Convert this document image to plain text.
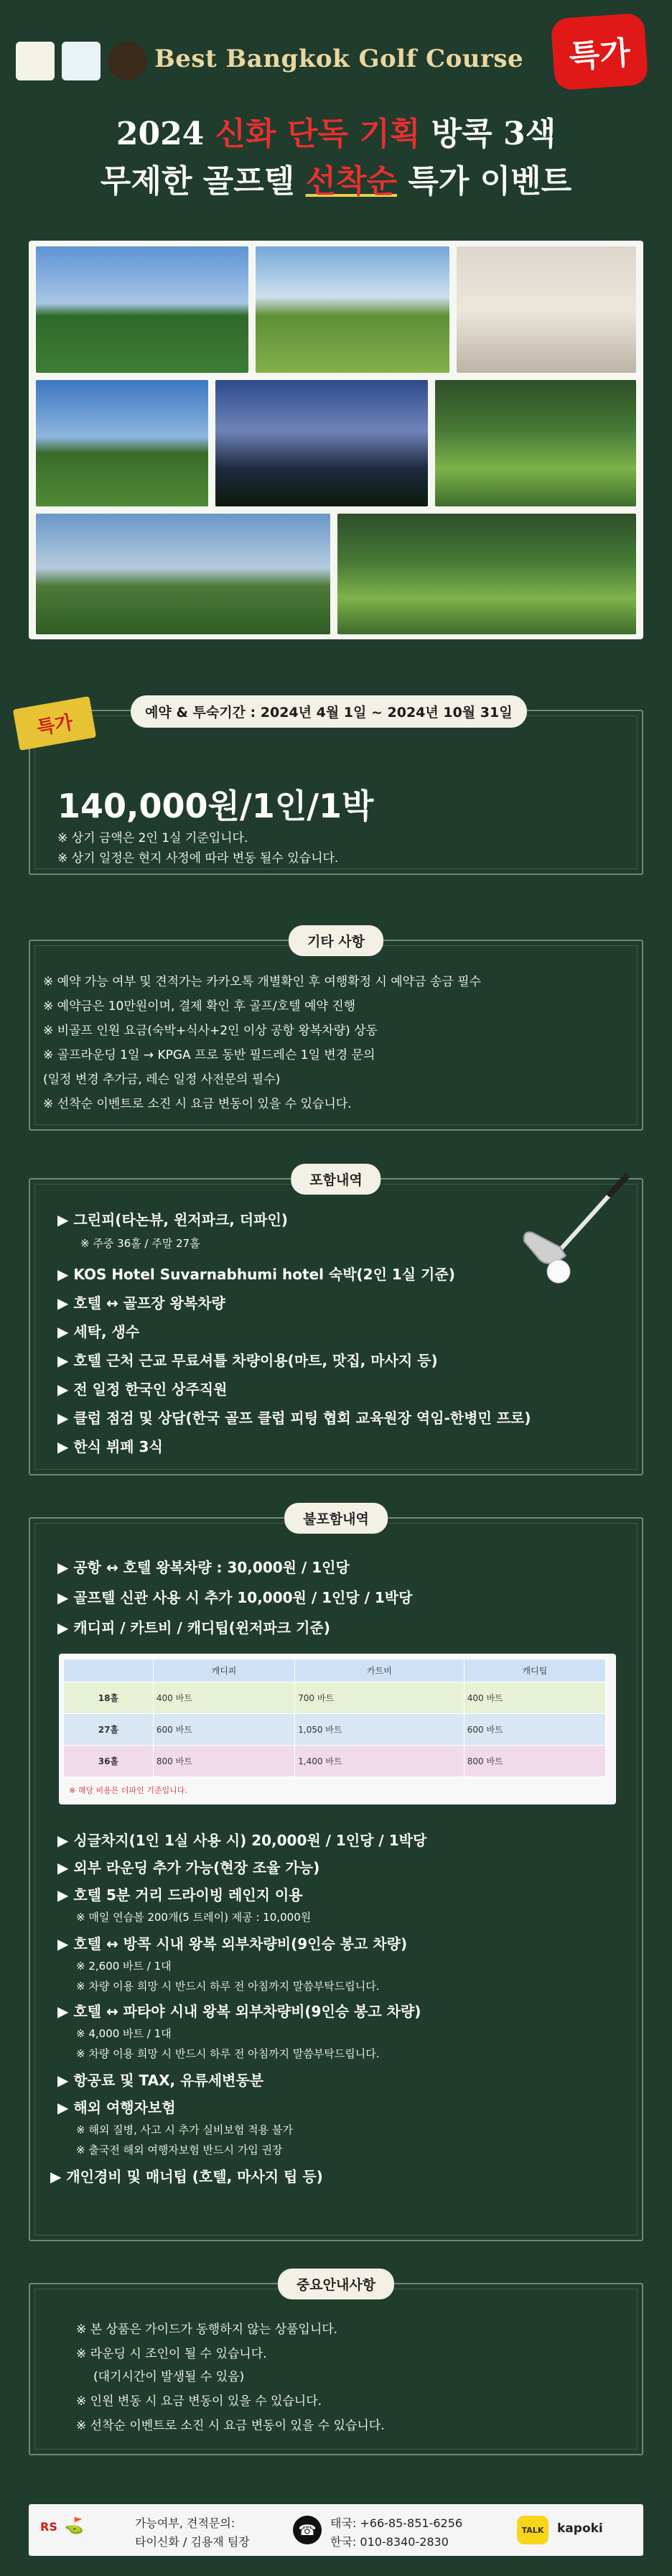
Best Bangkok Golf Course	특가
2024 신화 단독 기획 방콕 3색
무제한 골프텔 선착순 특가 이벤트
특가	예약 & 투숙기간 : 2024년 4월 1일 ~ 2024년 10월 31일
140,000원/1인/1박
※ 상기 금액은 2인 1실 기준입니다.
※ 상기 일정은 현지 사정에 따라 변동 될수 있습니다.
기타 사항
※ 예약 가능 여부 및 견적가는 카카오톡 개별확인 후 여행확정 시 예약금 송금 필수
※ 예약금은 10만원이며, 결제 확인 후 골프/호텔 예약 진행
※ 비골프 인원 요금(숙박+식사+2인 이상 공항 왕복차량) 상동
※ 골프라운딩 1일 → KPGA 프로 동반 필드레슨 1일 변경 문의
(일정 변경 추가금, 레슨 일정 사전문의 필수)
※ 선착순 이벤트로 소진 시 요금 변동이 있을 수 있습니다.
포함내역
▶ 그린피(타논뷰, 윈저파크, 더파인)
※ 주중 36홀 / 주말 27홀
▶ KOS Hotel Suvarnabhumi hotel 숙박(2인 1실 기준)
▶ 호텔 ↔ 골프장 왕복차량
▶ 세탁, 생수
▶ 호텔 근처 근교 무료셔틀 차량이용(마트, 맛집, 마사지 등)
▶ 전 일정 한국인 상주직원
▶ 클럽 점검 및 상담(한국 골프 클럽 피팅 협회 교육원장 역임-한병민 프로)
▶ 한식 뷔페 3식
불포함내역
▶ 공항 ↔ 호텔 왕복차량 : 30,000원 / 1인당
▶ 골프텔 신관 사용 시 추가 10,000원 / 1인당 / 1박당
▶ 캐디피 / 카트비 / 캐디팁(윈저파크 기준)
	캐디피	카트비	캐디팁
18홀	400 바트	700 바트	400 바트
27홀	600 바트	1,050 바트	600 바트
36홀	800 바트	1,400 바트	800 바트
※ 해당 비용은 더파인 기준입니다.
▶ 싱글차지(1인 1실 사용 시) 20,000원 / 1인당 / 1박당
▶ 외부 라운딩 추가 가능(현장 조율 가능)
▶ 호텔 5분 거리 드라이빙 레인지 이용
※ 매일 연습볼 200개(5 트레이) 제공 : 10,000원
▶ 호텔 ↔ 방콕 시내 왕복 외부차량비(9인승 봉고 차량)
※ 2,600 바트 / 1대
※ 차량 이용 희망 시 반드시 하루 전 아침까지 말씀부탁드립니다.
▶ 호텔 ↔ 파타야 시내 왕복 외부차량비(9인승 봉고 차량)
※ 4,000 바트 / 1대
※ 차량 이용 희망 시 반드시 하루 전 아침까지 말씀부탁드립니다.
▶ 항공료 및 TAX, 유류세변동분
▶ 해외 여행자보험
※ 해외 질병, 사고 시 추가 실비보험 적용 불가
※ 출국전 해외 여행자보험 반드시 가입 권장
▶ 개인경비 및 매너팁 (호텔, 마사지 팁 등)
중요안내사항
※ 본 상품은 가이드가 동행하지 않는 상품입니다.
※ 라운딩 시 조인이 될 수 있습니다.
(대기시간이 발생될 수 있음)
※ 인원 변동 시 요금 변동이 있을 수 있습니다.
※ 선착순 이벤트로 소진 시 요금 변동이 있을 수 있습니다.
RS ⛳	가능여부, 견적문의:
타이신화 / 김용재 팀장
☎	태국: +66-85-851-6256
한국: 010-8340-2830
TALK	kapoki
